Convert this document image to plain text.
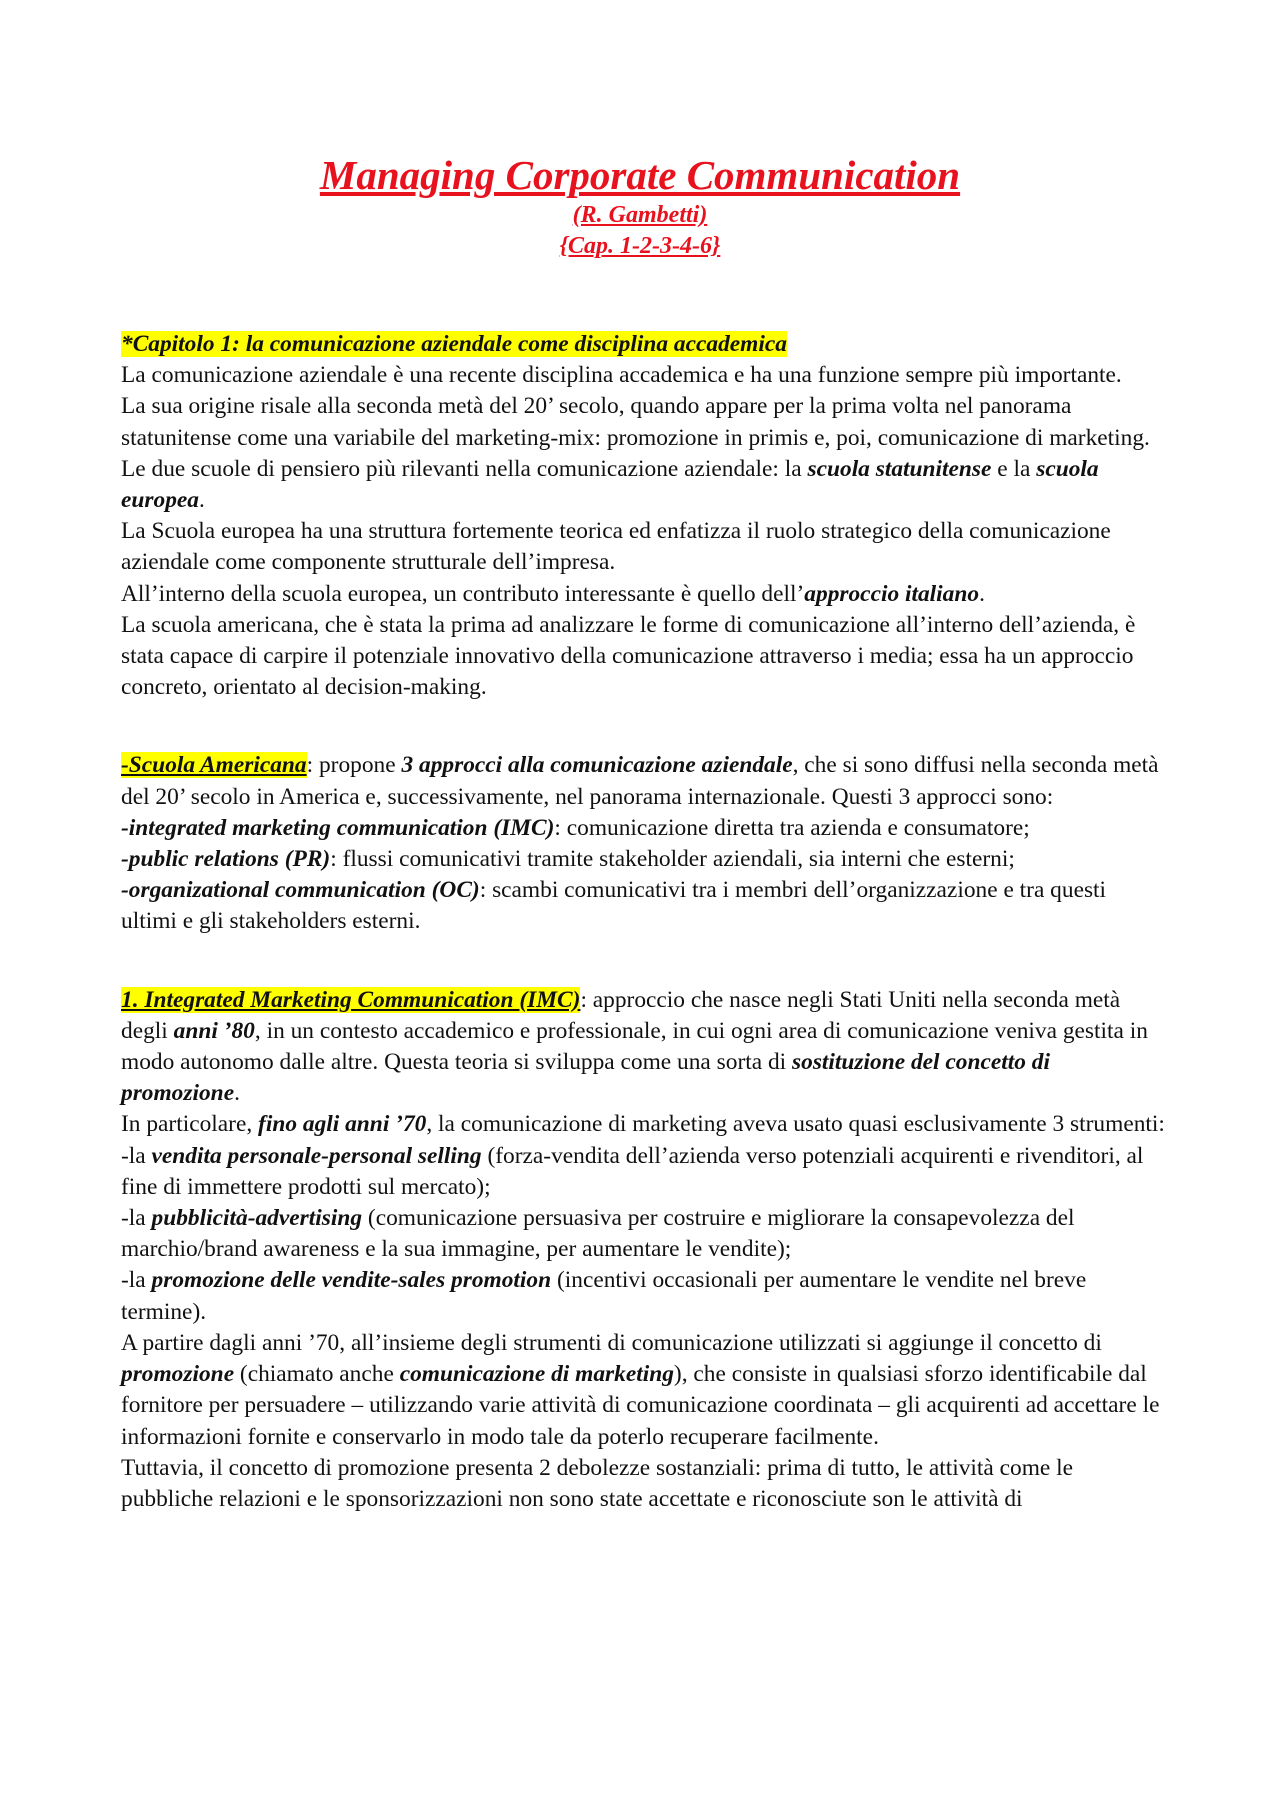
Managing Corporate Communication
(R. Gambetti)
{Cap. 1-2-3-4-6}

*Capitolo 1: la comunicazione aziendale come disciplina accademica

La comunicazione aziendale è una recente disciplina accademica e ha una funzione sempre più importante.

La sua origine risale alla seconda metà del 20’ secolo, quando appare per la prima volta nel panorama statunitense come una variabile del marketing-mix: promozione in primis e, poi, comunicazione di marketing.

Le due scuole di pensiero più rilevanti nella comunicazione aziendale: la scuola statunitense e la scuola europea.

La Scuola europea ha una struttura fortemente teorica ed enfatizza il ruolo strategico della comunicazione aziendale come componente strutturale dell’impresa.

All’interno della scuola europea, un contributo interessante è quello dell’approccio italiano.

La scuola americana, che è stata la prima ad analizzare le forme di comunicazione all’interno dell’azienda, è stata capace di carpire il potenziale innovativo della comunicazione attraverso i media; essa ha un approccio concreto, orientato al decision-making.

-Scuola Americana: propone 3 approcci alla comunicazione aziendale, che si sono diffusi nella seconda metà del 20’ secolo in America e, successivamente, nel panorama internazionale. Questi 3 approcci sono:

-integrated marketing communication (IMC): comunicazione diretta tra azienda e consumatore;

-public relations (PR): flussi comunicativi tramite stakeholder aziendali, sia interni che esterni;

-organizational communication (OC): scambi comunicativi tra i membri dell’organizzazione e tra questi ultimi e gli stakeholders esterni.

1. Integrated Marketing Communication (IMC): approccio che nasce negli Stati Uniti nella seconda metà degli anni ’80, in un contesto accademico e professionale, in cui ogni area di comunicazione veniva gestita in modo autonomo dalle altre. Questa teoria si sviluppa come una sorta di sostituzione del concetto di promozione.

In particolare, fino agli anni ’70, la comunicazione di marketing aveva usato quasi esclusivamente 3 strumenti:

-la vendita personale-personal selling (forza-vendita dell’azienda verso potenziali acquirenti e rivenditori, al fine di immettere prodotti sul mercato);

-la pubblicità-advertising (comunicazione persuasiva per costruire e migliorare la consapevolezza del marchio/brand awareness e la sua immagine, per aumentare le vendite);

-la promozione delle vendite-sales promotion (incentivi occasionali per aumentare le vendite nel breve termine).

A partire dagli anni ’70, all’insieme degli strumenti di comunicazione utilizzati si aggiunge il concetto di promozione (chiamato anche comunicazione di marketing), che consiste in qualsiasi sforzo identificabile dal fornitore per persuadere – utilizzando varie attività di comunicazione coordinata – gli acquirenti ad accettare le informazioni fornite e conservarlo in modo tale da poterlo recuperare facilmente.

Tuttavia, il concetto di promozione presenta 2 debolezze sostanziali: prima di tutto, le attività come le pubbliche relazioni e le sponsorizzazioni non sono state accettate e riconosciute son le attività di
